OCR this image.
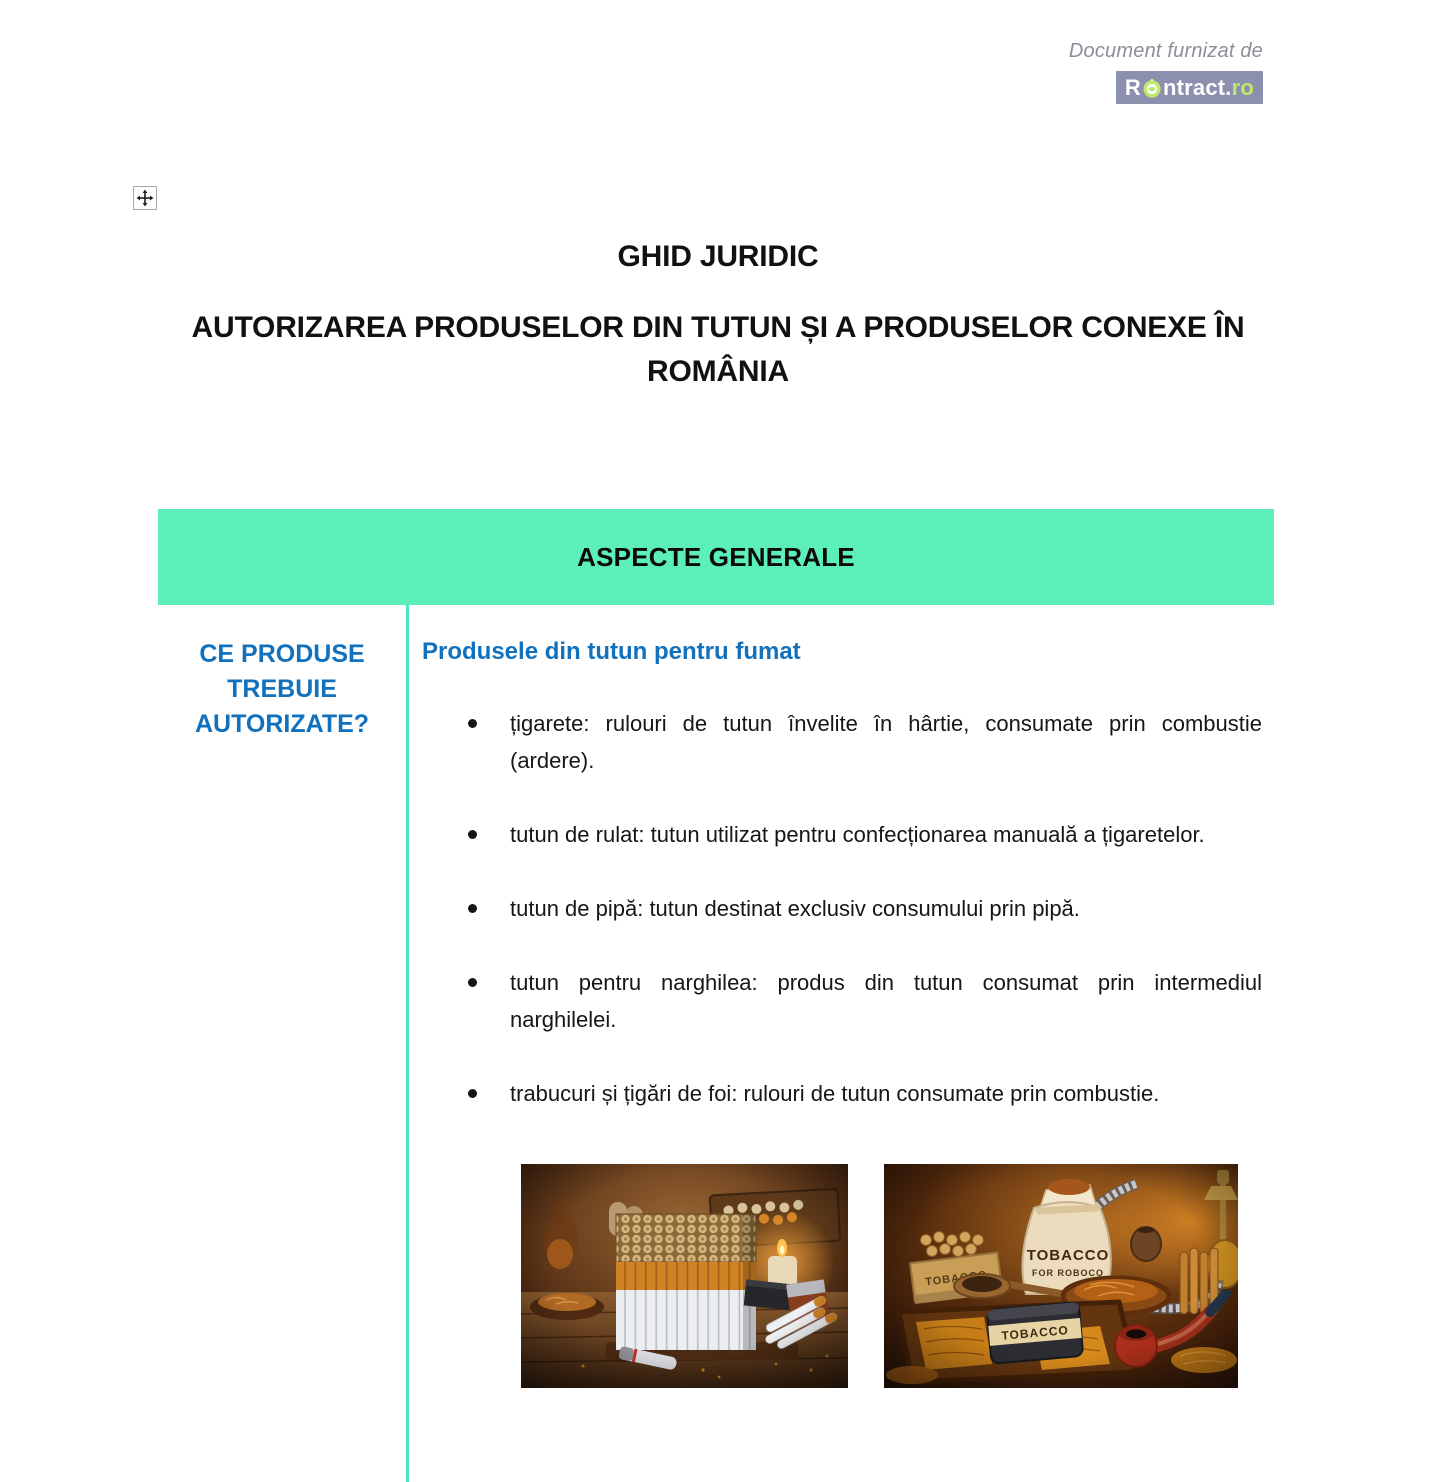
Document furnizat de
R ntract . ro
GHID JURIDIC
AUTORIZAREA PRODUSELOR DIN TUTUN ȘI A PRODUSELOR CONEXE ÎN ROMÂNIA
ASPECTE GENERALE
CE PRODUSE TREBUIE AUTORIZATE?
Produsele din tutun pentru fumat
țigarete: rulouri de tutun învelite în hârtie, consumate prin combustie (ardere).
tutun de rulat: tutun utilizat pentru confecționarea manuală a țigaretelor.
tutun de pipă: tutun destinat exclusiv consumului prin pipă.
tutun pentru narghilea: produs din tutun consumat prin intermediul narghilelei.
trabucuri și țigări de foi: rulouri de tutun consumate prin combustie.
